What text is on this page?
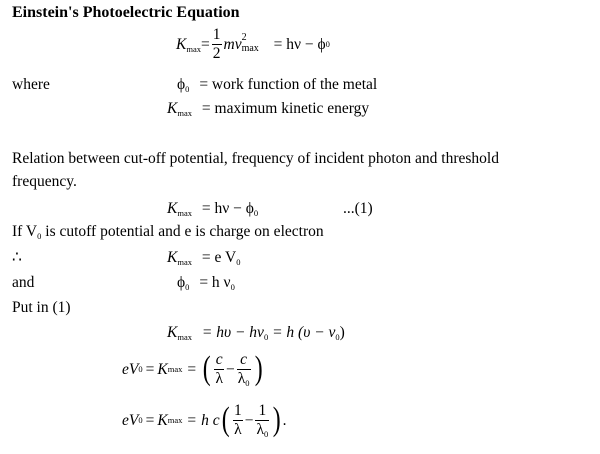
Einstein's Photoelectric Equation
$K_{max} = \frac{1}{2}$ mv 2
max = hν − ϕ 0
where	$\phi_0$ = work function of the metal
$K_{max}$ = maximum kinetic energy
Relation between cut-off potential, frequency of incident photon and threshold
frequency.
$K_{max} = h\nu - \phi_0$	...(1)
If $V_0$ is cutoff potential and e is charge on electron
∴	$K_{max} = e$ $V_0$
and	$\phi_0 = h$ $\nu_0$
Put in (1)
$K_{max} = h\upsilon - h\nu_0 = h$ $(\upsilon - \nu_0)$
eV 0 = K max = ( $\frac{c}{\lambda} - \frac{c}{\lambda_0}$ )
eV 0 = K max = h c ( $\frac{1}{\lambda} - \frac{1}{\lambda_0}$ ) .
